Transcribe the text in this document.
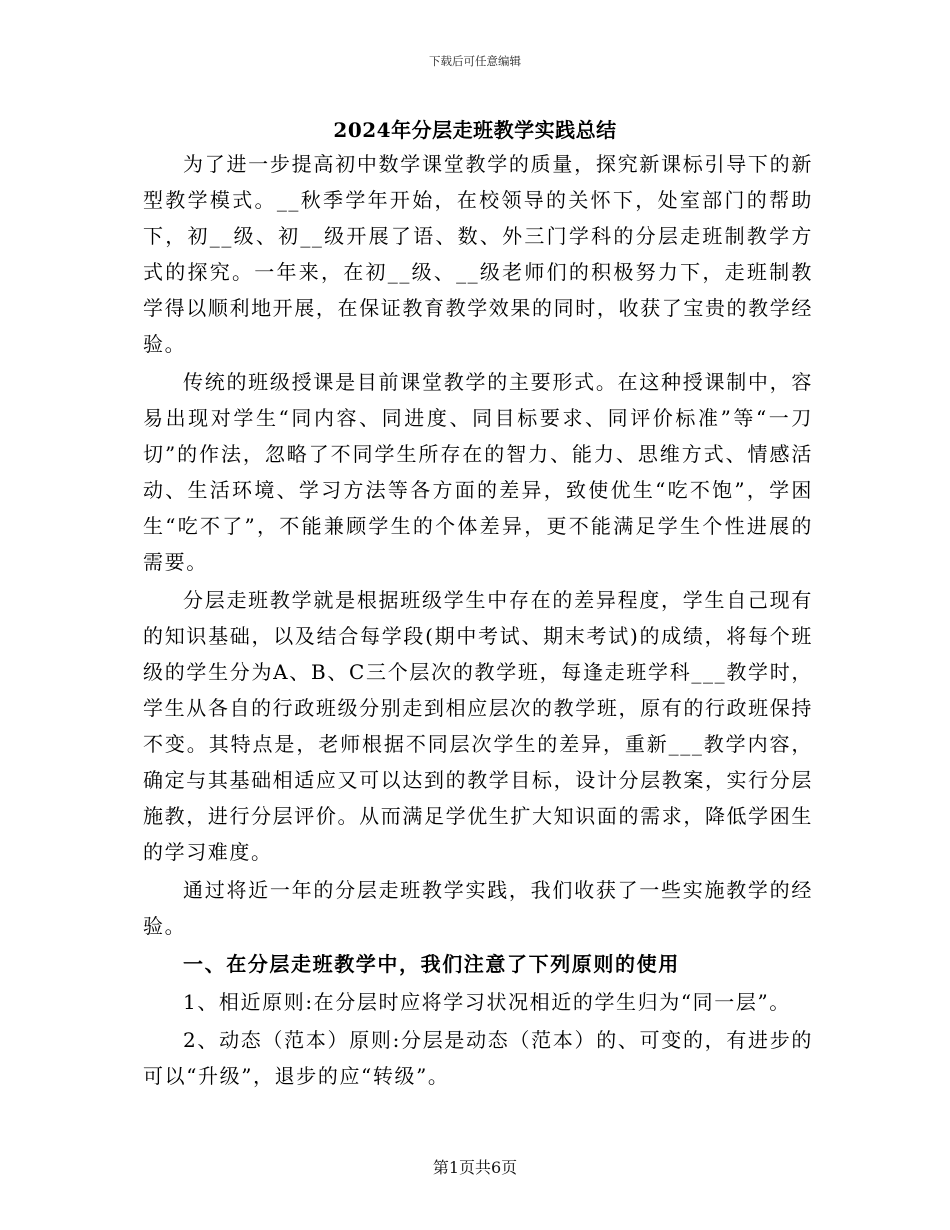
下载后可任意编辑
2024年分层走班教学实践总结

为了进一步提高初中数学课堂教学的质量，探究新课标引导下的新型教学模式。__秋季学年开始，在校领导的关怀下，处室部门的帮助下，初__级、初__级开展了语、数、外三门学科的分层走班制教学方式的探究。一年来，在初__级、__级老师们的积极努力下，走班制教学得以顺利地开展，在保证教育教学效果的同时，收获了宝贵的教学经验。

传统的班级授课是目前课堂教学的主要形式。在这种授课制中，容易出现对学生“同内容、同进度、同目标要求、同评价标准”等“一刀切”的作法，忽略了不同学生所存在的智力、能力、思维方式、情感活动、生活环境、学习方法等各方面的差异，致使优生“吃不饱”，学困生“吃不了”，不能兼顾学生的个体差异，更不能满足学生个性进展的需要。

分层走班教学就是根据班级学生中存在的差异程度，学生自己现有的知识基础，以及结合每学段(期中考试、期末考试)的成绩，将每个班级的学生分为A、B、C三个层次的教学班，每逢走班学科___教学时，学生从各自的行政班级分别走到相应层次的教学班，原有的行政班保持不变。其特点是，老师根据不同层次学生的差异，重新___教学内容，确定与其基础相适应又可以达到的教学目标，设计分层教案，实行分层施教，进行分层评价。从而满足学优生扩大知识面的需求，降低学困生的学习难度。

通过将近一年的分层走班教学实践，我们收获了一些实施教学的经验。

一、在分层走班教学中，我们注意了下列原则的使用

1、相近原则:在分层时应将学习状况相近的学生归为“同一层”。

2、动态（范本）原则:分层是动态（范本）的、可变的，有进步的可以“升级”，退步的应“转级”。

第1页共6页
